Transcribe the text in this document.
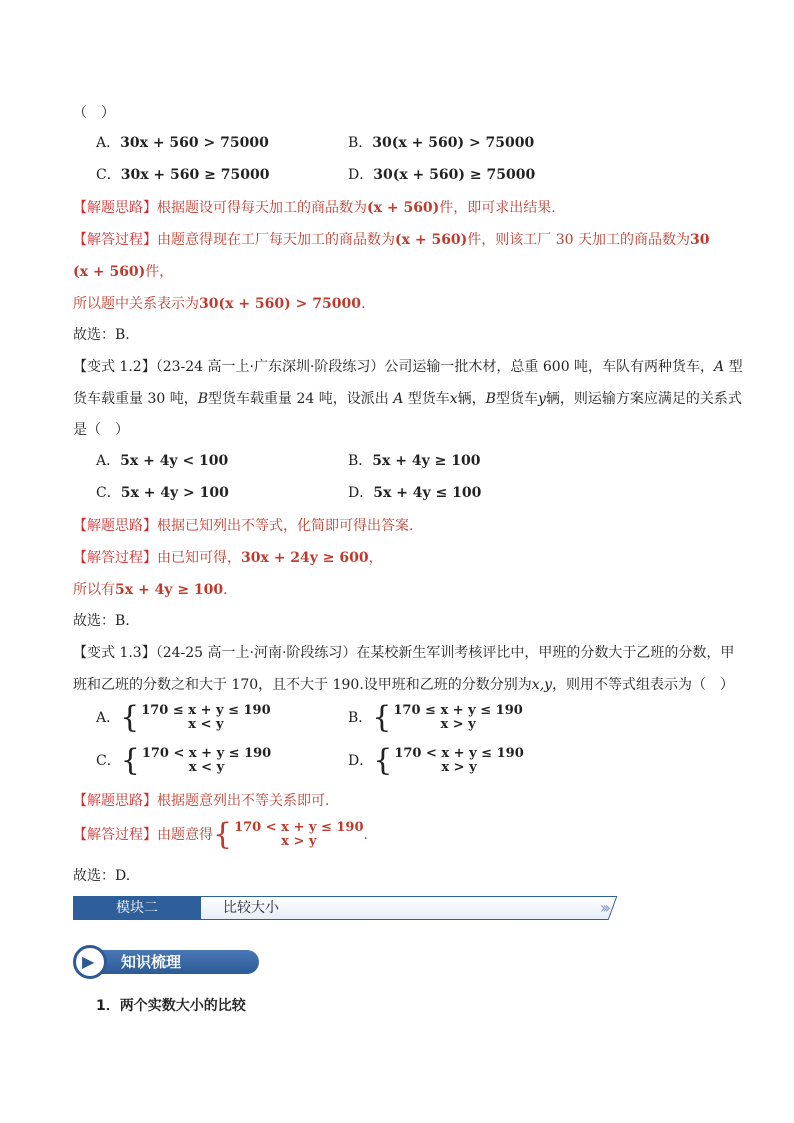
（　）
A．30x + 560 > 75000	B．30(x + 560) > 75000
C．30x + 560 ≥ 75000	D．30(x + 560) ≥ 75000
【解题思路】根据题设可得每天加工的商品数为(x + 560)件，即可求出结果.
【解答过程】由题意得现在工厂每天加工的商品数为(x + 560)件，则该工厂 30 天加工的商品数为30
(x + 560)件，
所以题中关系表示为30(x + 560) > 75000.
故选：B.
【变式 1.2】（23-24 高一上·广东深圳·阶段练习）公司运输一批木材，总重 600 吨，车队有两种货车，A 型
货车载重量 30 吨，B型货车载重量 24 吨，设派出 A 型货车x辆，B型货车y辆，则运输方案应满足的关系式
是（　）
A．5x + 4y < 100	B．5x + 4y ≥ 100
C．5x + 4y > 100	D．5x + 4y ≤ 100
【解题思路】根据已知列出不等式，化简即可得出答案.
【解答过程】由已知可得，30x + 24y ≥ 600，
所以有5x + 4y ≥ 100.
故选：B.
【变式 1.3】（24-25 高一上·河南·阶段练习）在某校新生军训考核评比中，甲班的分数大于乙班的分数，甲
班和乙班的分数之和大于 170，且不大于 190.设甲班和乙班的分数分别为x,y，则用不等式组表示为（　）
A． { 170 ≤ x + y ≤ 190
x < y	B． { 170 ≤ x + y ≤ 190
x > y
C． { 170 < x + y ≤ 190
x < y	D． { 170 < x + y ≤ 190
x > y
【解题思路】根据题意列出不等关系即可.
【解答过程】由题意得 { 170 < x + y ≤ 190
x > y	.
故选：D.
模块二	比较大小	›››
▶ 知识梳理
1．两个实数大小的比较
